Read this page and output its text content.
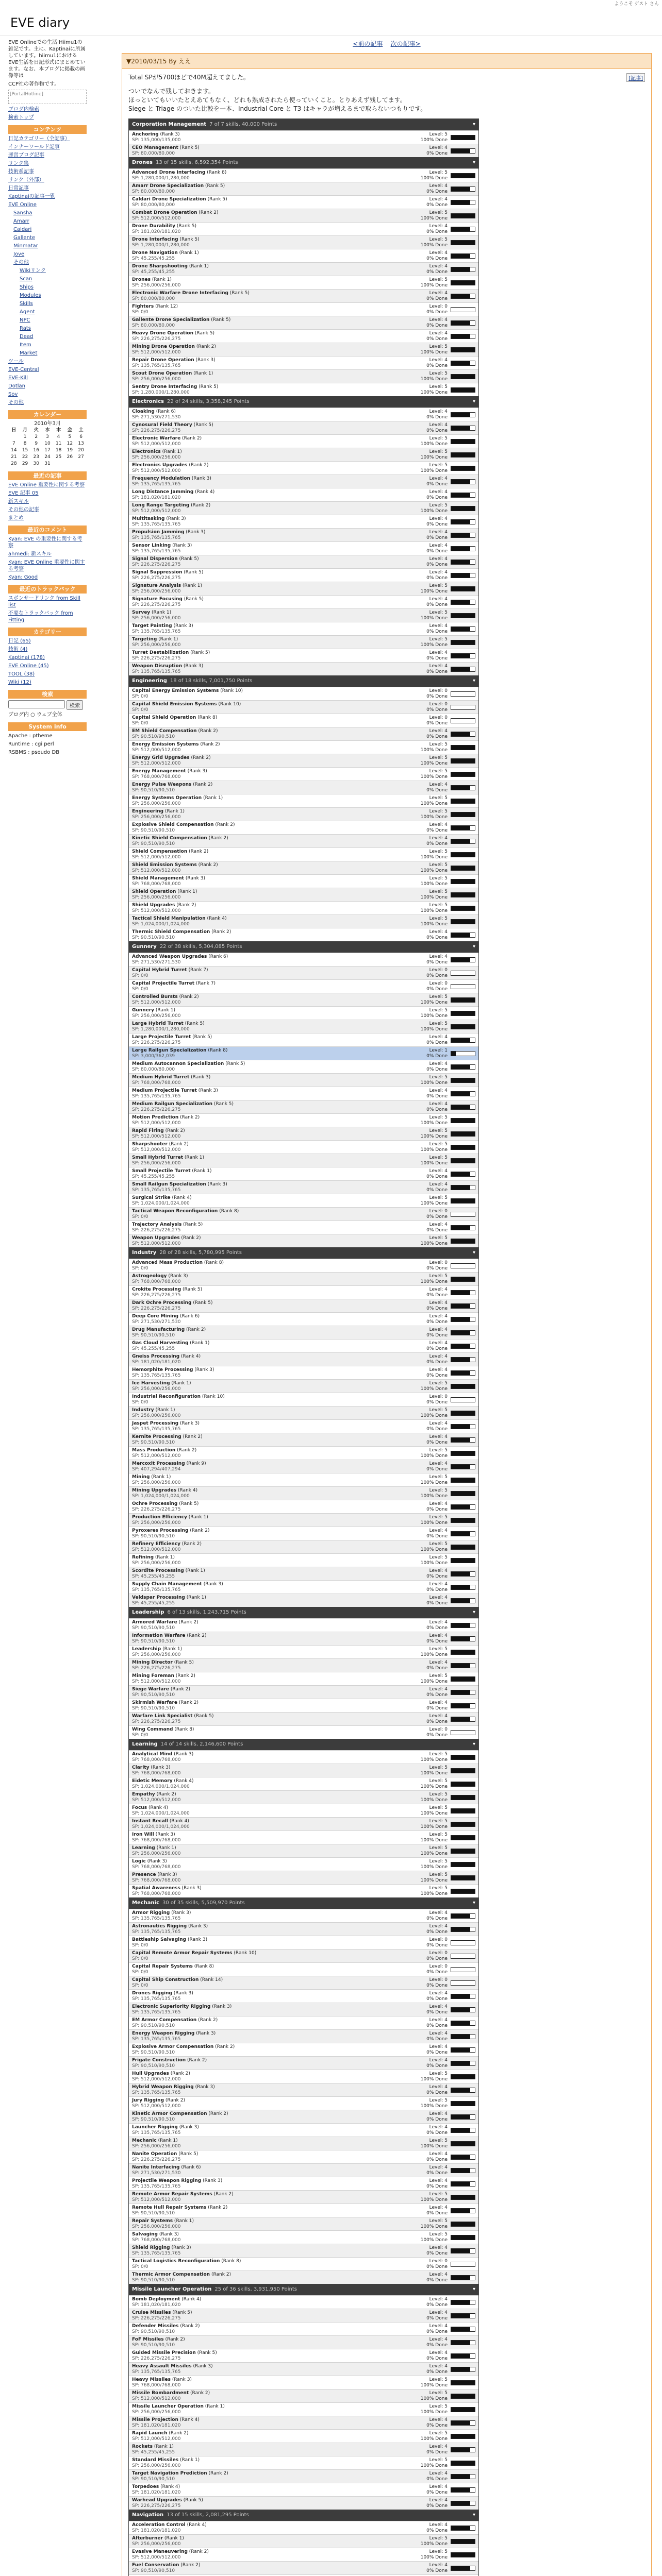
ようこそ ゲスト さん
EVE diary

EVE Onlineでの生活 Hiimu1の雑記です。主に、Kaptinaiに所属しています。hiimu1におけるEVE生活を日記形式にまとめています。なお、本ブログに掲載の画像等は

CCP社の著作物です。

[PortalHotline]

ブログ内検索

検索トップ

コンテンツ

日記カテゴリー（全記事）

インナーワールド記事

運営ブログ記事

リンク集

技術系記事

リンク（外部）

日常記事

Kaptinaiの記事一覧

EVE Online

Sansha

Amarr

Caldari

Gallente

Minmatar

Jove

その他

Wikiリンク

Scan

Ships

Modules

Skills

Agent

NPC

Rats

Dead

Item

Market

ツール

EVE-Central

EVE-Kill

Dotlan

Sov

その他

カレンダー
2010年3月
日	月	火	水	木	金	土
	1	2	3	4	5	6
7	8	9	10	11	12	13
14	15	16	17	18	19	20
21	22	23	24	25	26	27
28	29	30	31			
最近の記事

EVE Online 重要性に関する考察

EVE 記事 05

新スキル

その他の記事

まとめ

最近のコメント

Kyan: EVE の重要性に関する考察

ahmedi: 新スキル

Kyan: EVE Online 重要性に関する考察

Kyan: Good

最近のトラックバック

スポンサードリンク from Skill list

不要なトラックバック from Fitting

カテゴリー

日記 (65)

技術 (4)

Kaptinai (178)

EVE Online (45)

TOOL (38)

Wiki (12)

検索
検索
ブログ内 ○ ウェブ全体
System info

Apache : ptheme

Runtime : cgi perl

RSBMS : pseudo DB

<前の記事 次の記事>
▼2010/03/15 By ええ
[記事]

Total SPが5700ほどで40M超えてました。

ついでなんで残しておきます。
ほっといてもいいたとえあてもなく、どれも熟成されたら使っていくこと。とりあえず残してます。
Siege と Triage のついた比較を一本、Industrial Core と T3 はキャラが増えるまで取らないつもりです。

Corporation Management 7 of 7 skills, 40,000 Points	▾
Anchoring (Rank 3)
SP: 135,000/135,000
Level: 5
100% Done
CEO Management (Rank 5)
SP: 80,000/80,000
Level: 4
0% Done
Drones 13 of 15 skills, 6,592,354 Points	▾
Advanced Drone Interfacing (Rank 8)
SP: 1,280,000/1,280,000
Level: 5
100% Done
Amarr Drone Specialization (Rank 5)
SP: 80,000/80,000
Level: 4
0% Done
Caldari Drone Specialization (Rank 5)
SP: 80,000/80,000
Level: 4
0% Done
Combat Drone Operation (Rank 2)
SP: 512,000/512,000
Level: 5
100% Done
Drone Durability (Rank 5)
SP: 181,020/181,020
Level: 4
0% Done
Drone Interfacing (Rank 5)
SP: 1,280,000/1,280,000
Level: 5
100% Done
Drone Navigation (Rank 1)
SP: 45,255/45,255
Level: 4
0% Done
Drone Sharpshooting (Rank 1)
SP: 45,255/45,255
Level: 4
0% Done
Drones (Rank 1)
SP: 256,000/256,000
Level: 5
100% Done
Electronic Warfare Drone Interfacing (Rank 5)
SP: 80,000/80,000
Level: 4
0% Done
Fighters (Rank 12)
SP: 0/0
Level: 0
0% Done
Gallente Drone Specialization (Rank 5)
SP: 80,000/80,000
Level: 4
0% Done
Heavy Drone Operation (Rank 5)
SP: 226,275/226,275
Level: 4
0% Done
Mining Drone Operation (Rank 2)
SP: 512,000/512,000
Level: 5
100% Done
Repair Drone Operation (Rank 3)
SP: 135,765/135,765
Level: 4
0% Done
Scout Drone Operation (Rank 1)
SP: 256,000/256,000
Level: 5
100% Done
Sentry Drone Interfacing (Rank 5)
SP: 1,280,000/1,280,000
Level: 5
100% Done
Electronics 22 of 24 skills, 3,358,245 Points	▾
Cloaking (Rank 6)
SP: 271,530/271,530
Level: 4
0% Done
Cynosural Field Theory (Rank 5)
SP: 226,275/226,275
Level: 4
0% Done
Electronic Warfare (Rank 2)
SP: 512,000/512,000
Level: 5
100% Done
Electronics (Rank 1)
SP: 256,000/256,000
Level: 5
100% Done
Electronics Upgrades (Rank 2)
SP: 512,000/512,000
Level: 5
100% Done
Frequency Modulation (Rank 3)
SP: 135,765/135,765
Level: 4
0% Done
Long Distance Jamming (Rank 4)
SP: 181,020/181,020
Level: 4
0% Done
Long Range Targeting (Rank 2)
SP: 512,000/512,000
Level: 5
100% Done
Multitasking (Rank 3)
SP: 135,765/135,765
Level: 4
0% Done
Propulsion Jamming (Rank 3)
SP: 135,765/135,765
Level: 4
0% Done
Sensor Linking (Rank 3)
SP: 135,765/135,765
Level: 4
0% Done
Signal Dispersion (Rank 5)
SP: 226,275/226,275
Level: 4
0% Done
Signal Suppression (Rank 5)
SP: 226,275/226,275
Level: 4
0% Done
Signature Analysis (Rank 1)
SP: 256,000/256,000
Level: 5
100% Done
Signature Focusing (Rank 5)
SP: 226,275/226,275
Level: 4
0% Done
Survey (Rank 1)
SP: 256,000/256,000
Level: 5
100% Done
Target Painting (Rank 3)
SP: 135,765/135,765
Level: 4
0% Done
Targeting (Rank 1)
SP: 256,000/256,000
Level: 5
100% Done
Turret Destabilization (Rank 5)
SP: 226,275/226,275
Level: 4
0% Done
Weapon Disruption (Rank 3)
SP: 135,765/135,765
Level: 4
0% Done
Engineering 18 of 18 skills, 7,001,750 Points	▾
Capital Energy Emission Systems (Rank 10)
SP: 0/0
Level: 0
0% Done
Capital Shield Emission Systems (Rank 10)
SP: 0/0
Level: 0
0% Done
Capital Shield Operation (Rank 8)
SP: 0/0
Level: 0
0% Done
EM Shield Compensation (Rank 2)
SP: 90,510/90,510
Level: 4
0% Done
Energy Emission Systems (Rank 2)
SP: 512,000/512,000
Level: 5
100% Done
Energy Grid Upgrades (Rank 2)
SP: 512,000/512,000
Level: 5
100% Done
Energy Management (Rank 3)
SP: 768,000/768,000
Level: 5
100% Done
Energy Pulse Weapons (Rank 2)
SP: 90,510/90,510
Level: 4
0% Done
Energy Systems Operation (Rank 1)
SP: 256,000/256,000
Level: 5
100% Done
Engineering (Rank 1)
SP: 256,000/256,000
Level: 5
100% Done
Explosive Shield Compensation (Rank 2)
SP: 90,510/90,510
Level: 4
0% Done
Kinetic Shield Compensation (Rank 2)
SP: 90,510/90,510
Level: 4
0% Done
Shield Compensation (Rank 2)
SP: 512,000/512,000
Level: 5
100% Done
Shield Emission Systems (Rank 2)
SP: 512,000/512,000
Level: 5
100% Done
Shield Management (Rank 3)
SP: 768,000/768,000
Level: 5
100% Done
Shield Operation (Rank 1)
SP: 256,000/256,000
Level: 5
100% Done
Shield Upgrades (Rank 2)
SP: 512,000/512,000
Level: 5
100% Done
Tactical Shield Manipulation (Rank 4)
SP: 1,024,000/1,024,000
Level: 5
100% Done
Thermic Shield Compensation (Rank 2)
SP: 90,510/90,510
Level: 4
0% Done
Gunnery 22 of 38 skills, 5,304,085 Points	▾
Advanced Weapon Upgrades (Rank 6)
SP: 271,530/271,530
Level: 4
0% Done
Capital Hybrid Turret (Rank 7)
SP: 0/0
Level: 0
0% Done
Capital Projectile Turret (Rank 7)
SP: 0/0
Level: 0
0% Done
Controlled Bursts (Rank 2)
SP: 512,000/512,000
Level: 5
100% Done
Gunnery (Rank 1)
SP: 256,000/256,000
Level: 5
100% Done
Large Hybrid Turret (Rank 5)
SP: 1,280,000/1,280,000
Level: 5
100% Done
Large Projectile Turret (Rank 5)
SP: 226,275/226,275
Level: 4
0% Done
Large Railgun Specialization (Rank 8)
SP: 3,000/362,039
Level: 1
0% Done
Medium Autocannon Specialization (Rank 5)
SP: 80,000/80,000
Level: 4
0% Done
Medium Hybrid Turret (Rank 3)
SP: 768,000/768,000
Level: 5
100% Done
Medium Projectile Turret (Rank 3)
SP: 135,765/135,765
Level: 4
0% Done
Medium Railgun Specialization (Rank 5)
SP: 226,275/226,275
Level: 4
0% Done
Motion Prediction (Rank 2)
SP: 512,000/512,000
Level: 5
100% Done
Rapid Firing (Rank 2)
SP: 512,000/512,000
Level: 5
100% Done
Sharpshooter (Rank 2)
SP: 512,000/512,000
Level: 5
100% Done
Small Hybrid Turret (Rank 1)
SP: 256,000/256,000
Level: 5
100% Done
Small Projectile Turret (Rank 1)
SP: 45,255/45,255
Level: 4
0% Done
Small Railgun Specialization (Rank 3)
SP: 135,765/135,765
Level: 4
0% Done
Surgical Strike (Rank 4)
SP: 1,024,000/1,024,000
Level: 5
100% Done
Tactical Weapon Reconfiguration (Rank 8)
SP: 0/0
Level: 0
0% Done
Trajectory Analysis (Rank 5)
SP: 226,275/226,275
Level: 4
0% Done
Weapon Upgrades (Rank 2)
SP: 512,000/512,000
Level: 5
100% Done
Industry 28 of 28 skills, 5,780,995 Points	▾
Advanced Mass Production (Rank 8)
SP: 0/0
Level: 0
0% Done
Astrogeology (Rank 3)
SP: 768,000/768,000
Level: 5
100% Done
Crokite Processing (Rank 5)
SP: 226,275/226,275
Level: 4
0% Done
Dark Ochre Processing (Rank 5)
SP: 226,275/226,275
Level: 4
0% Done
Deep Core Mining (Rank 6)
SP: 271,530/271,530
Level: 4
0% Done
Drug Manufacturing (Rank 2)
SP: 90,510/90,510
Level: 4
0% Done
Gas Cloud Harvesting (Rank 1)
SP: 45,255/45,255
Level: 4
0% Done
Gneiss Processing (Rank 4)
SP: 181,020/181,020
Level: 4
0% Done
Hemorphite Processing (Rank 3)
SP: 135,765/135,765
Level: 4
0% Done
Ice Harvesting (Rank 1)
SP: 256,000/256,000
Level: 5
100% Done
Industrial Reconfiguration (Rank 10)
SP: 0/0
Level: 0
0% Done
Industry (Rank 1)
SP: 256,000/256,000
Level: 5
100% Done
Jaspet Processing (Rank 3)
SP: 135,765/135,765
Level: 4
0% Done
Kernite Processing (Rank 2)
SP: 90,510/90,510
Level: 4
0% Done
Mass Production (Rank 2)
SP: 512,000/512,000
Level: 5
100% Done
Mercoxit Processing (Rank 9)
SP: 407,294/407,294
Level: 4
0% Done
Mining (Rank 1)
SP: 256,000/256,000
Level: 5
100% Done
Mining Upgrades (Rank 4)
SP: 1,024,000/1,024,000
Level: 5
100% Done
Ochre Processing (Rank 5)
SP: 226,275/226,275
Level: 4
0% Done
Production Efficiency (Rank 1)
SP: 256,000/256,000
Level: 5
100% Done
Pyroxeres Processing (Rank 2)
SP: 90,510/90,510
Level: 4
0% Done
Refinery Efficiency (Rank 2)
SP: 512,000/512,000
Level: 5
100% Done
Refining (Rank 1)
SP: 256,000/256,000
Level: 5
100% Done
Scordite Processing (Rank 1)
SP: 45,255/45,255
Level: 4
0% Done
Supply Chain Management (Rank 3)
SP: 135,765/135,765
Level: 4
0% Done
Veldspar Processing (Rank 1)
SP: 45,255/45,255
Level: 4
0% Done
Leadership 6 of 13 skills, 1,243,715 Points	▾
Armored Warfare (Rank 2)
SP: 90,510/90,510
Level: 4
0% Done
Information Warfare (Rank 2)
SP: 90,510/90,510
Level: 4
0% Done
Leadership (Rank 1)
SP: 256,000/256,000
Level: 5
100% Done
Mining Director (Rank 5)
SP: 226,275/226,275
Level: 4
0% Done
Mining Foreman (Rank 2)
SP: 512,000/512,000
Level: 5
100% Done
Siege Warfare (Rank 2)
SP: 90,510/90,510
Level: 4
0% Done
Skirmish Warfare (Rank 2)
SP: 90,510/90,510
Level: 4
0% Done
Warfare Link Specialist (Rank 5)
SP: 226,275/226,275
Level: 4
0% Done
Wing Command (Rank 8)
SP: 0/0
Level: 0
0% Done
Learning 14 of 14 skills, 2,146,600 Points	▾
Analytical Mind (Rank 3)
SP: 768,000/768,000
Level: 5
100% Done
Clarity (Rank 3)
SP: 768,000/768,000
Level: 5
100% Done
Eidetic Memory (Rank 4)
SP: 1,024,000/1,024,000
Level: 5
100% Done
Empathy (Rank 2)
SP: 512,000/512,000
Level: 5
100% Done
Focus (Rank 4)
SP: 1,024,000/1,024,000
Level: 5
100% Done
Instant Recall (Rank 4)
SP: 1,024,000/1,024,000
Level: 5
100% Done
Iron Will (Rank 3)
SP: 768,000/768,000
Level: 5
100% Done
Learning (Rank 1)
SP: 256,000/256,000
Level: 5
100% Done
Logic (Rank 3)
SP: 768,000/768,000
Level: 5
100% Done
Presence (Rank 3)
SP: 768,000/768,000
Level: 5
100% Done
Spatial Awareness (Rank 3)
SP: 768,000/768,000
Level: 5
100% Done
Mechanic 30 of 35 skills, 5,509,970 Points	▾
Armor Rigging (Rank 3)
SP: 135,765/135,765
Level: 4
0% Done
Astronautics Rigging (Rank 3)
SP: 135,765/135,765
Level: 4
0% Done
Battleship Salvaging (Rank 3)
SP: 0/0
Level: 0
0% Done
Capital Remote Armor Repair Systems (Rank 10)
SP: 0/0
Level: 0
0% Done
Capital Repair Systems (Rank 8)
SP: 0/0
Level: 0
0% Done
Capital Ship Construction (Rank 14)
SP: 0/0
Level: 0
0% Done
Drones Rigging (Rank 3)
SP: 135,765/135,765
Level: 4
0% Done
Electronic Superiority Rigging (Rank 3)
SP: 135,765/135,765
Level: 4
0% Done
EM Armor Compensation (Rank 2)
SP: 90,510/90,510
Level: 4
0% Done
Energy Weapon Rigging (Rank 3)
SP: 135,765/135,765
Level: 4
0% Done
Explosive Armor Compensation (Rank 2)
SP: 90,510/90,510
Level: 4
0% Done
Frigate Construction (Rank 2)
SP: 90,510/90,510
Level: 4
0% Done
Hull Upgrades (Rank 2)
SP: 512,000/512,000
Level: 5
100% Done
Hybrid Weapon Rigging (Rank 3)
SP: 135,765/135,765
Level: 4
0% Done
Jury Rigging (Rank 2)
SP: 512,000/512,000
Level: 5
100% Done
Kinetic Armor Compensation (Rank 2)
SP: 90,510/90,510
Level: 4
0% Done
Launcher Rigging (Rank 3)
SP: 135,765/135,765
Level: 4
0% Done
Mechanic (Rank 1)
SP: 256,000/256,000
Level: 5
100% Done
Nanite Operation (Rank 5)
SP: 226,275/226,275
Level: 4
0% Done
Nanite Interfacing (Rank 6)
SP: 271,530/271,530
Level: 4
0% Done
Projectile Weapon Rigging (Rank 3)
SP: 135,765/135,765
Level: 4
0% Done
Remote Armor Repair Systems (Rank 2)
SP: 512,000/512,000
Level: 5
100% Done
Remote Hull Repair Systems (Rank 2)
SP: 90,510/90,510
Level: 4
0% Done
Repair Systems (Rank 1)
SP: 256,000/256,000
Level: 5
100% Done
Salvaging (Rank 3)
SP: 768,000/768,000
Level: 5
100% Done
Shield Rigging (Rank 3)
SP: 135,765/135,765
Level: 4
0% Done
Tactical Logistics Reconfiguration (Rank 8)
SP: 0/0
Level: 0
0% Done
Thermic Armor Compensation (Rank 2)
SP: 90,510/90,510
Level: 4
0% Done
Missile Launcher Operation 25 of 36 skills, 3,931,950 Points	▾
Bomb Deployment (Rank 4)
SP: 181,020/181,020
Level: 4
0% Done
Cruise Missiles (Rank 5)
SP: 226,275/226,275
Level: 4
0% Done
Defender Missiles (Rank 2)
SP: 90,510/90,510
Level: 4
0% Done
FoF Missiles (Rank 2)
SP: 90,510/90,510
Level: 4
0% Done
Guided Missile Precision (Rank 5)
SP: 226,275/226,275
Level: 4
0% Done
Heavy Assault Missiles (Rank 3)
SP: 135,765/135,765
Level: 4
0% Done
Heavy Missiles (Rank 3)
SP: 768,000/768,000
Level: 5
100% Done
Missile Bombardment (Rank 2)
SP: 512,000/512,000
Level: 5
100% Done
Missile Launcher Operation (Rank 1)
SP: 256,000/256,000
Level: 5
100% Done
Missile Projection (Rank 4)
SP: 181,020/181,020
Level: 4
0% Done
Rapid Launch (Rank 2)
SP: 512,000/512,000
Level: 5
100% Done
Rockets (Rank 1)
SP: 45,255/45,255
Level: 4
0% Done
Standard Missiles (Rank 1)
SP: 256,000/256,000
Level: 5
100% Done
Target Navigation Prediction (Rank 2)
SP: 90,510/90,510
Level: 4
0% Done
Torpedoes (Rank 4)
SP: 181,020/181,020
Level: 4
0% Done
Warhead Upgrades (Rank 5)
SP: 226,275/226,275
Level: 4
0% Done
Navigation 13 of 15 skills, 2,081,295 Points	▾
Acceleration Control (Rank 4)
SP: 181,020/181,020
Level: 4
0% Done
Afterburner (Rank 1)
SP: 256,000/256,000
Level: 5
100% Done
Evasive Maneuvering (Rank 2)
SP: 512,000/512,000
Level: 5
100% Done
Fuel Conservation (Rank 2)
SP: 90,510/90,510
Level: 4
0% Done
